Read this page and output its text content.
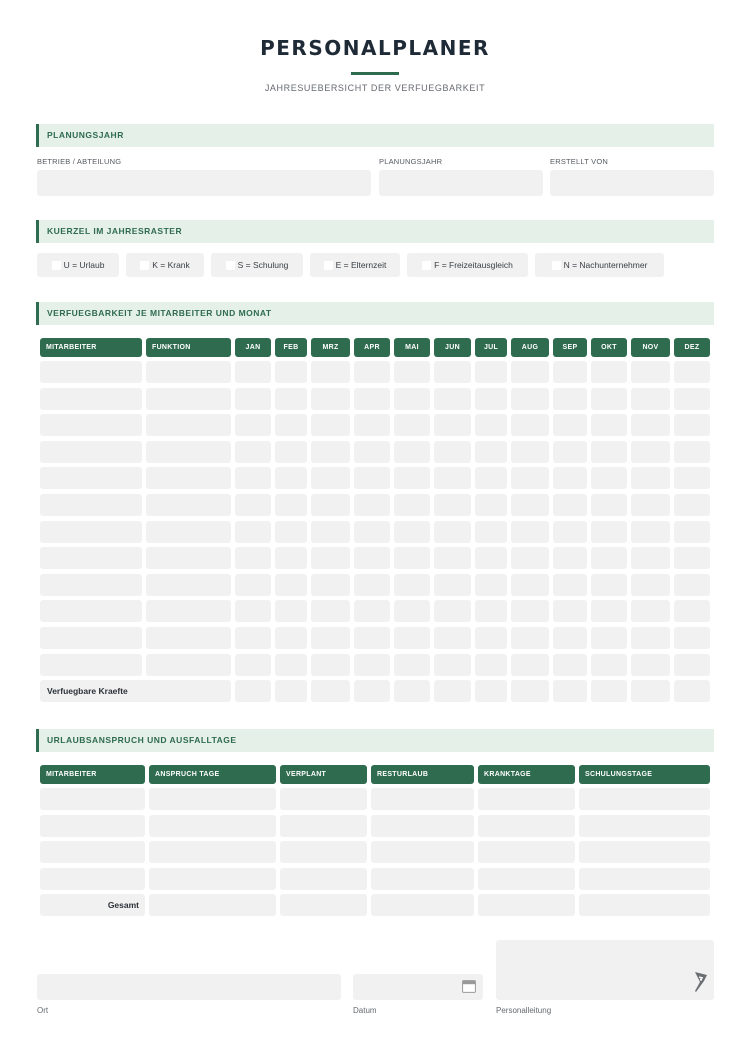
PERSONALPLANER
JAHRESUEBERSICHT DER VERFUEGBARKEIT
PLANUNGSJAHR
BETRIEB / ABTEILUNG	PLANUNGSJAHR	ERSTELLT VON
KUERZEL IM JAHRESRASTER
U = Urlaub	K = Krank	S = Schulung	E = Elternzeit	F = Freizeitausgleich	N = Nachunternehmer
VERFUEGBARKEIT JE MITARBEITER UND MONAT
MITARBEITER	FUNKTION	JAN	FEB	MRZ	APR	MAI	JUN	JUL	AUG	SEP	OKT	NOV	DEZ
Verfuegbare Kraefte
URLAUBSANSPRUCH UND AUSFALLTAGE
MITARBEITER	ANSPRUCH TAGE	VERPLANT	RESTURLAUB	KRANKTAGE	SCHULUNGSTAGE
Gesamt
Ort	Datum	Personalleitung
